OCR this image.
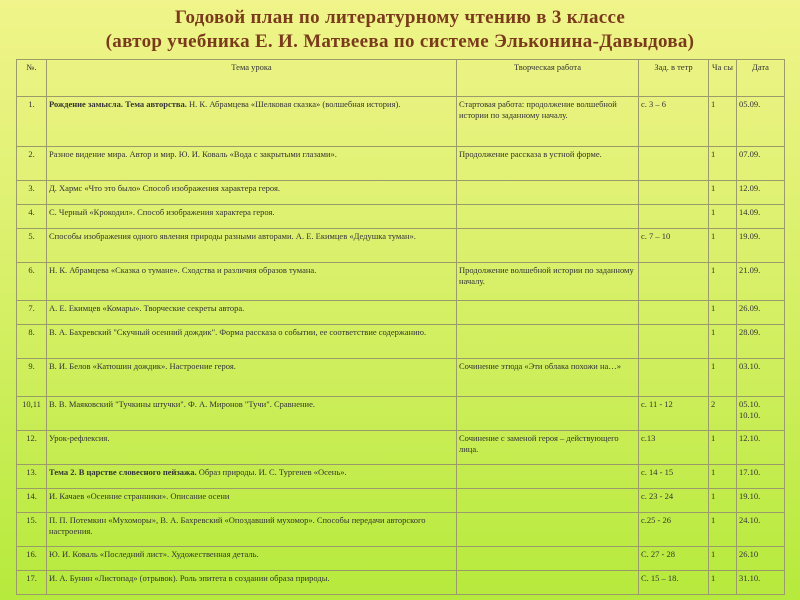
Годовой план по литературному чтению в 3 классе
(автор учебника Е. И. Матвеева по системе Эльконина-Давыдова)
№.	Тема урока	Творческая работа	Зад. в тетр	Ча сы	Дата
1.	Рождение замысла. Тема авторства. Н. К. Абрамцева «Шелковая сказка» (волшебная история).	Стартовая работа: продолжение волшебной истории по заданному началу.	с. 3 – 6	1	05.09.
2.	Разное видение мира. Автор и мир. Ю. И. Коваль «Вода с закрытыми глазами».	Продолжение рассказа в устной форме.		1	07.09.
3.	Д. Хармс «Что это было» Способ изображения характера героя.			1	12.09.
4.	С. Черный «Крокодил». Способ изображения характера героя.			1	14.09.
5.	Способы изображения одного явления природы разными авторами. А. Е. Екимцев «Дедушка туман».		с. 7 – 10	1	19.09.
6.	Н. К. Абрамцева «Сказка о тумане». Сходства и различия образов тумана.	Продолжение волшебной истории по заданному началу.		1	21.09.
7.	А. Е. Екимцев «Комары». Творческие секреты автора.			1	26.09.
8.	В. А. Бахревский "Скучный осенний дождик". Форма рассказа о событии, ее соответствие содержанию.			1	28.09.
9.	В. И. Белов «Катюшин дождик». Настроение героя.	Сочинение этюда «Эти облака похожи на…»		1	03.10.
10,11	В. В. Маяковский "Тучкины штучки". Ф. А. Миронов "Тучи". Сравнение.		с. 11 - 12	2	05.10. 10.10.
12.	Урок-рефлексия.	Сочинение с заменой героя – действующего лица.	с.13	1	12.10.
13.	Тема 2. В царстве словесного пейзажа. Образ природы. И. С. Тургенев «Осень».		с. 14 - 15	1	17.10.
14.	И. Качаев «Осенние странники». Описание осени		с. 23 - 24	1	19.10.
15.	П. П. Потемкин «Мухоморы», В. А. Бахревский «Опоздавший мухомор». Способы передачи авторского настроения.		с.25 - 26	1	24.10.
16.	Ю. И. Коваль «Последний лист». Художественная деталь.		С. 27 - 28	1	26.10
17.	И. А. Бунин «Листопад» (отрывок). Роль эпитета в создании образа природы.		С. 15 – 18.	1	31.10.
